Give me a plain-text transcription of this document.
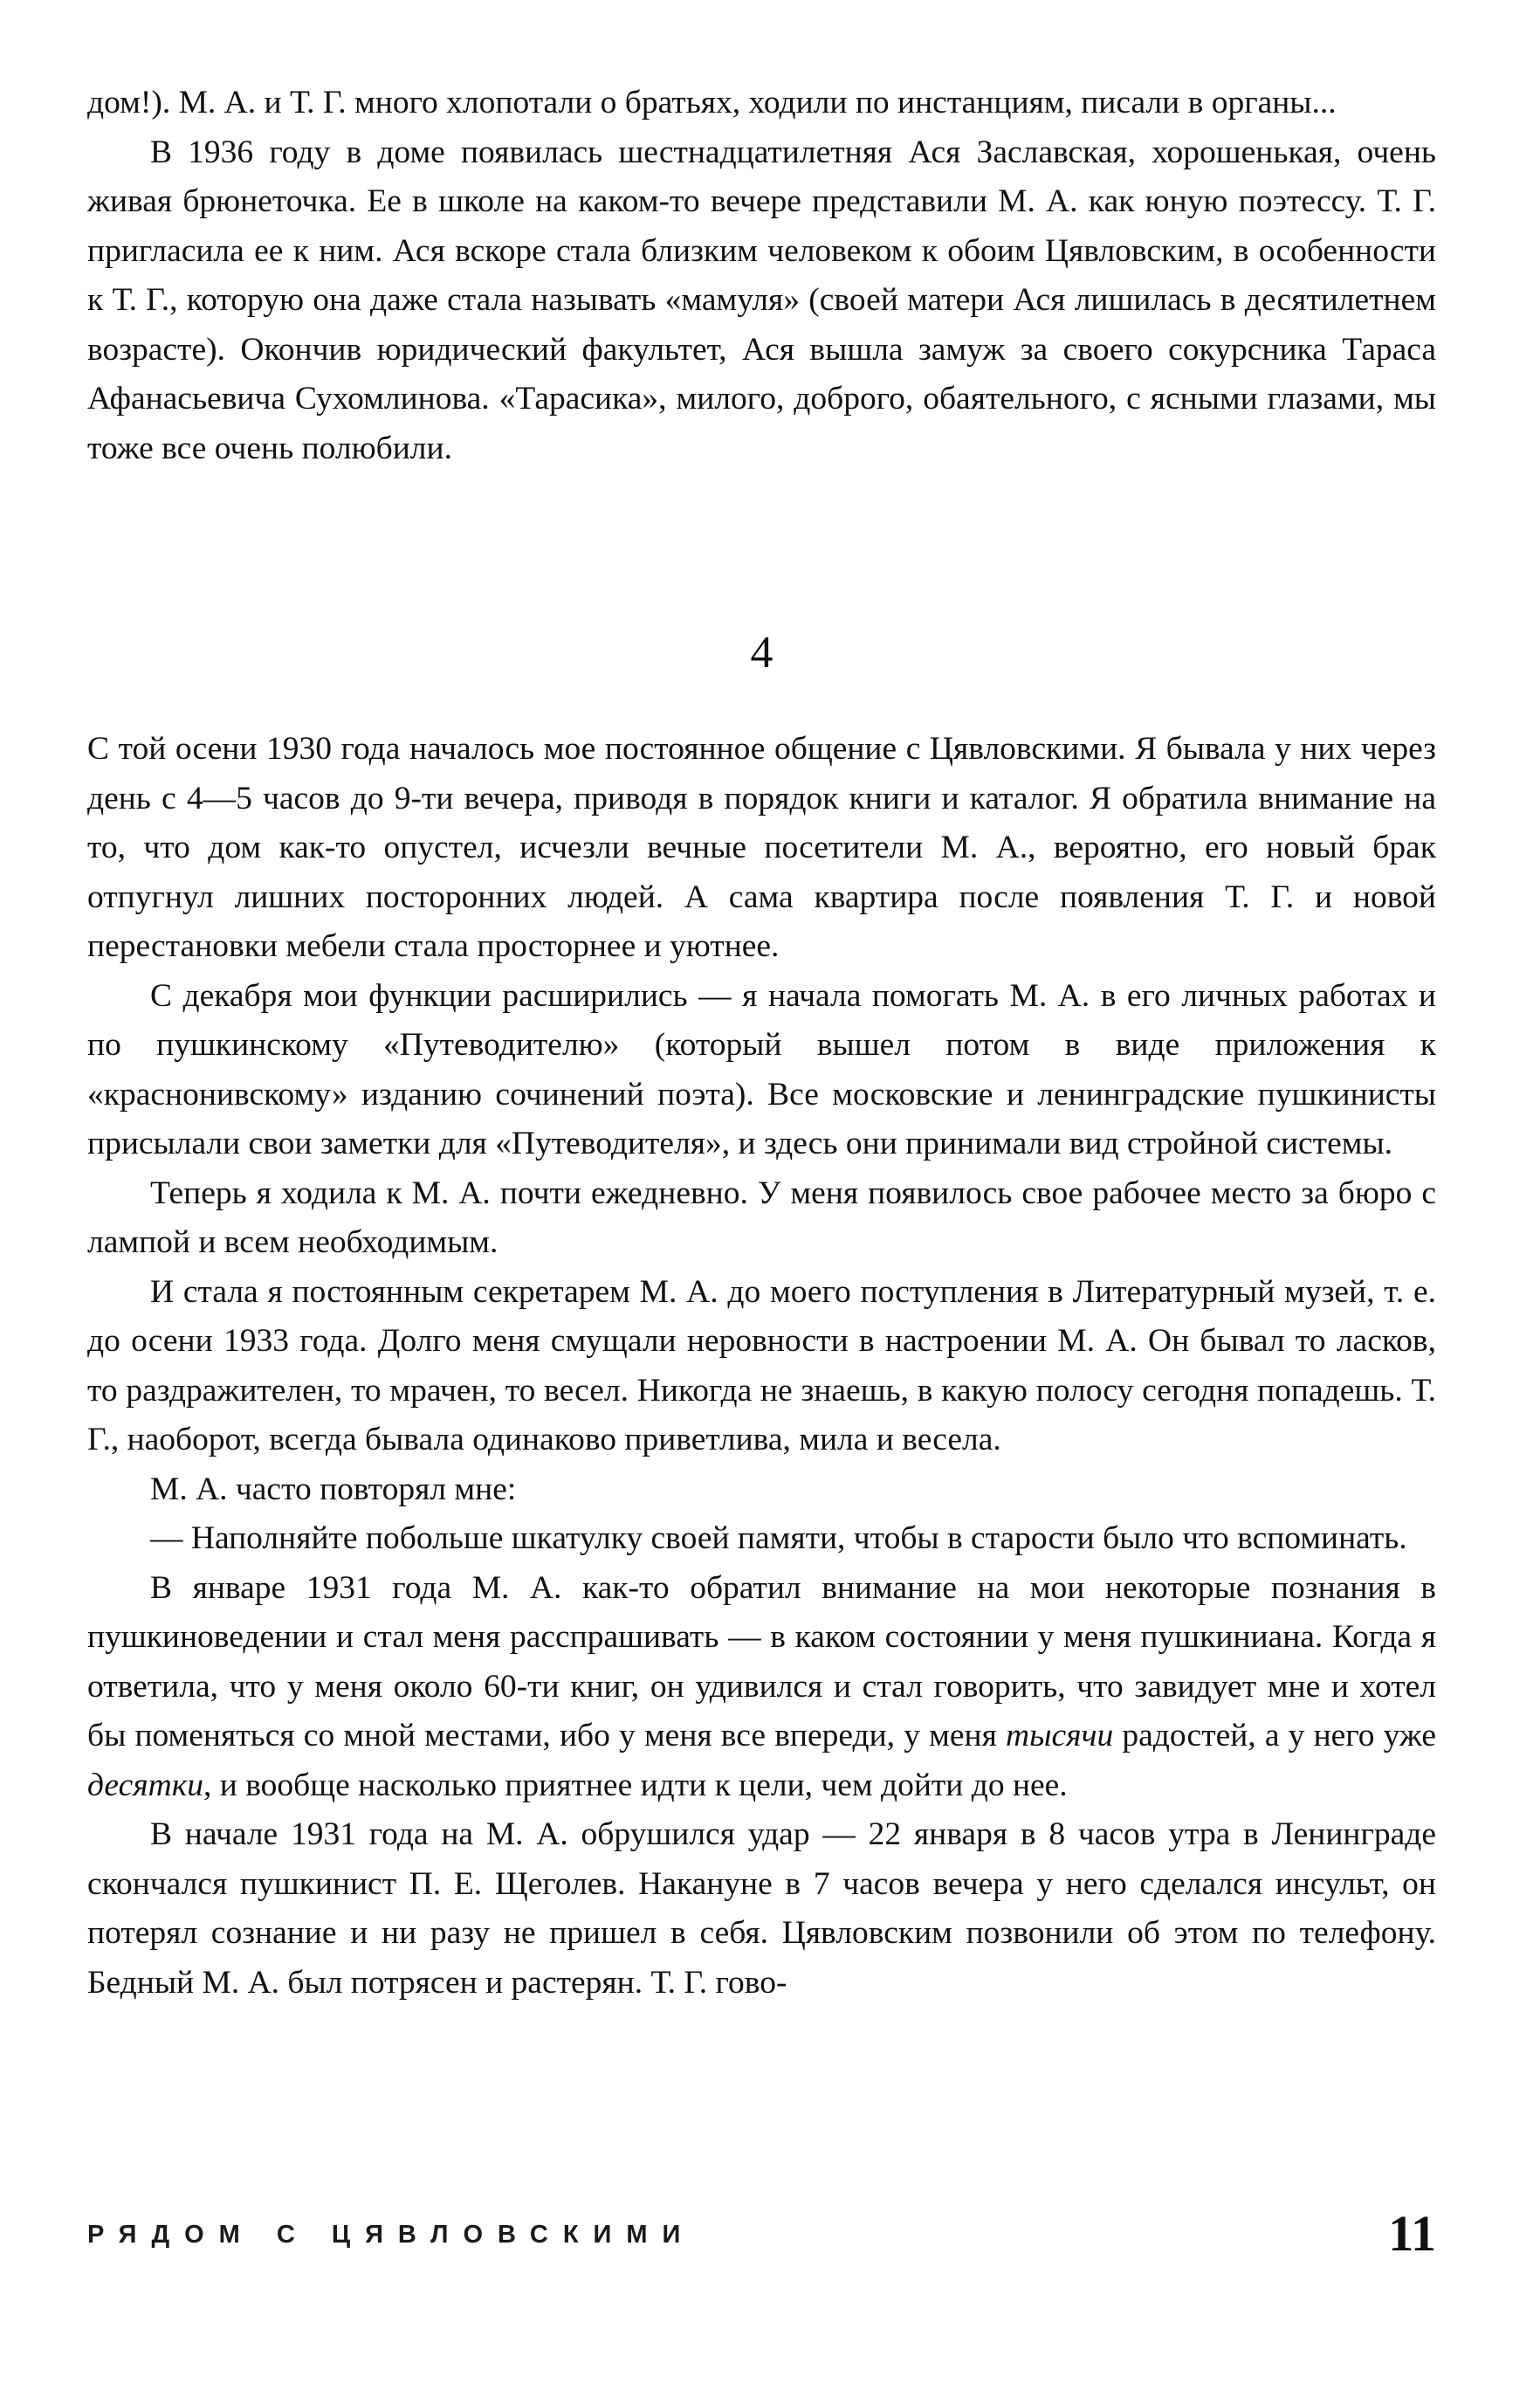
дом!). М. А. и Т. Г. много хлопотали о братьях, ходили по инстанциям, писали в органы...

В 1936 году в доме появилась шестнадцатилетняя Ася Заславская, хорошенькая, очень живая брюнеточка. Ее в школе на каком-то вечере представили М. А. как юную поэтессу. Т. Г. пригласила ее к ним. Ася вскоре стала близким человеком к обоим Цявловским, в особенности к Т. Г., которую она даже стала называть «мамуля» (своей матери Ася лишилась в десятилетнем возрасте). Окончив юридический факультет, Ася вышла замуж за своего сокурсника Тараса Афанасьевича Сухомлинова. «Тарасика», милого, доброго, обаятельного, с ясными глазами, мы тоже все очень полюбили.

4

С той осени 1930 года началось мое постоянное общение с Цявловскими. Я бывала у них через день с 4—5 часов до 9-ти вечера, приводя в порядок книги и каталог. Я обратила внимание на то, что дом как-то опустел, исчезли вечные посетители М. А., вероятно, его новый брак отпугнул лишних посторонних людей. А сама квартира после появления Т. Г. и новой перестановки мебели стала просторнее и уютнее.

С декабря мои функции расширились — я начала помогать М. А. в его личных работах и по пушкинскому «Путеводителю» (который вышел потом в виде приложения к «краснонивскому» изданию сочинений поэта). Все московские и ленинградские пушкинисты присылали свои заметки для «Путеводителя», и здесь они принимали вид стройной системы.

Теперь я ходила к М. А. почти ежедневно. У меня появилось свое рабочее место за бюро с лампой и всем необходимым.

И стала я постоянным секретарем М. А. до моего поступления в Литературный музей, т. е. до осени 1933 года. Долго меня смущали неровности в настроении М. А. Он бывал то ласков, то раздражителен, то мрачен, то весел. Никогда не знаешь, в какую полосу сегодня попадешь. Т. Г., наоборот, всегда бывала одинаково приветлива, мила и весела.

М. А. часто повторял мне:

— Наполняйте побольше шкатулку своей памяти, чтобы в старости было что вспоминать.

В январе 1931 года М. А. как-то обратил внимание на мои некоторые познания в пушкиноведении и стал меня расспрашивать — в каком состоянии у меня пушкиниана. Когда я ответила, что у меня около 60-ти книг, он удивился и стал говорить, что завидует мне и хотел бы поменяться со мной местами, ибо у меня все впереди, у меня тысячи радостей, а у него уже десятки, и вообще насколько приятнее идти к цели, чем дойти до нее.

В начале 1931 года на М. А. обрушился удар — 22 января в 8 часов утра в Ленинграде скончался пушкинист П. Е. Щеголев. Накануне в 7 часов вечера у него сделался инсульт, он потерял сознание и ни разу не пришел в себя. Цявловским позвонили об этом по телефону. Бедный М. А. был потрясен и растерян. Т. Г. гово-

РЯДОМ С ЦЯВЛОВСКИМИ	11
